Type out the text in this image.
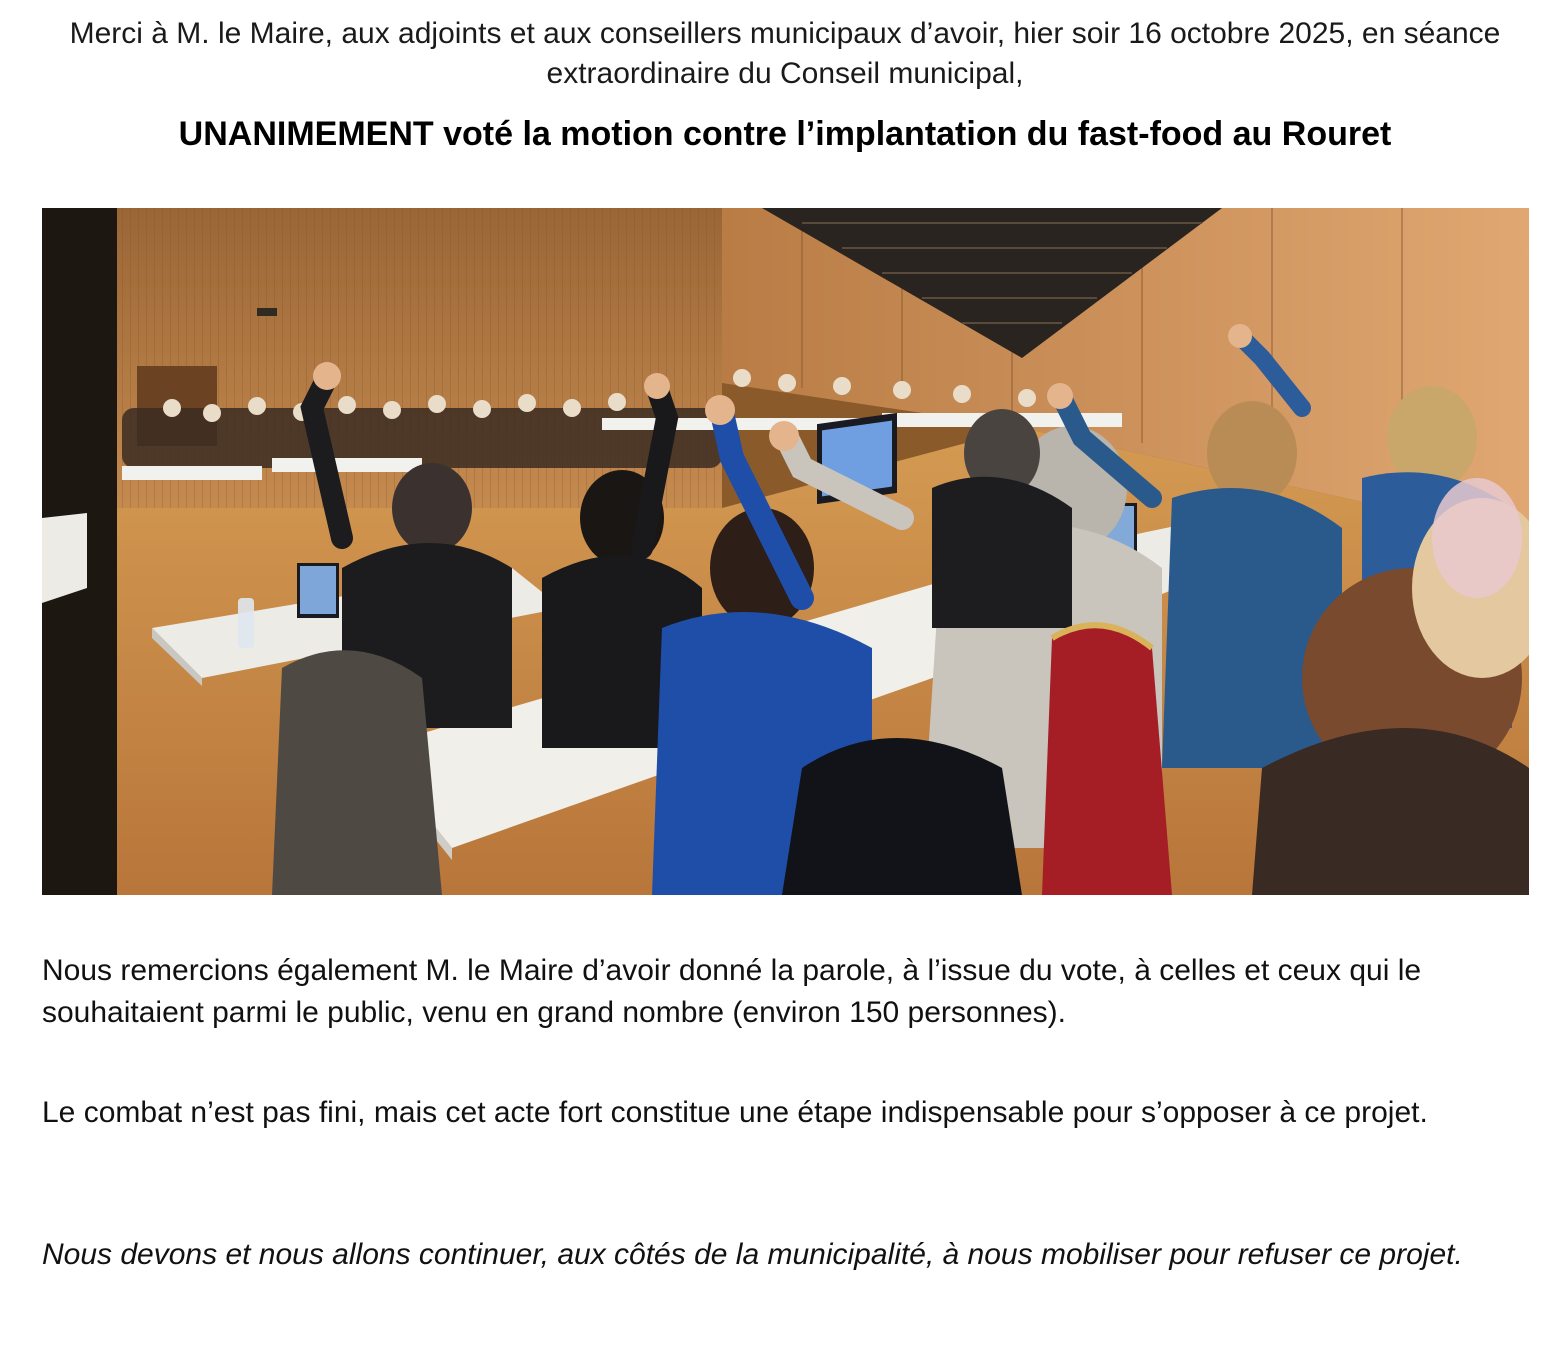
Merci à M. le Maire, aux adjoints et aux conseillers municipaux d’avoir, hier soir 16 octobre 2025, en séance extraordinaire du Conseil municipal,
UNANIMEMENT voté la motion contre l’implantation du fast-food au Rouret
Nous remercions également M. le Maire d’avoir donné la parole, à l’issue du vote, à celles et ceux qui le souhaitaient parmi le public, venu en grand nombre (environ 150 personnes).
Le combat n’est pas fini, mais cet acte fort constitue une étape indispensable pour s’opposer à ce projet.
Nous devons et nous allons continuer, aux côtés de la municipalité, à nous mobiliser pour refuser ce projet.
